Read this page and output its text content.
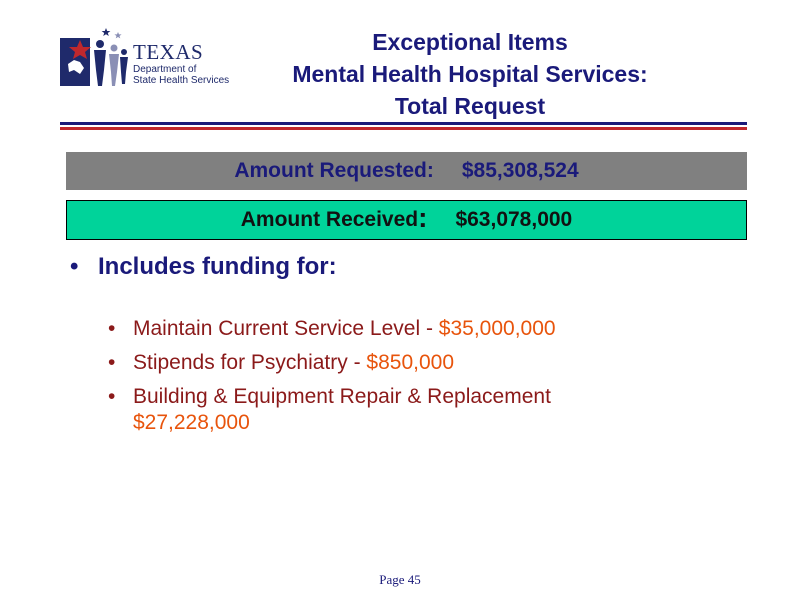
TEXAS
Department of
State Health Services
Exceptional Items
Mental Health Hospital Services:
Total Request
Amount Requested: $85,308,524
Amount Received : $63,078,000
• Includes funding for:
• Maintain Current Service Level - $35,000,000
• Stipends for Psychiatry - $850,000
• Building & Equipment Repair & Replacement
$27,228,000
Page 45
